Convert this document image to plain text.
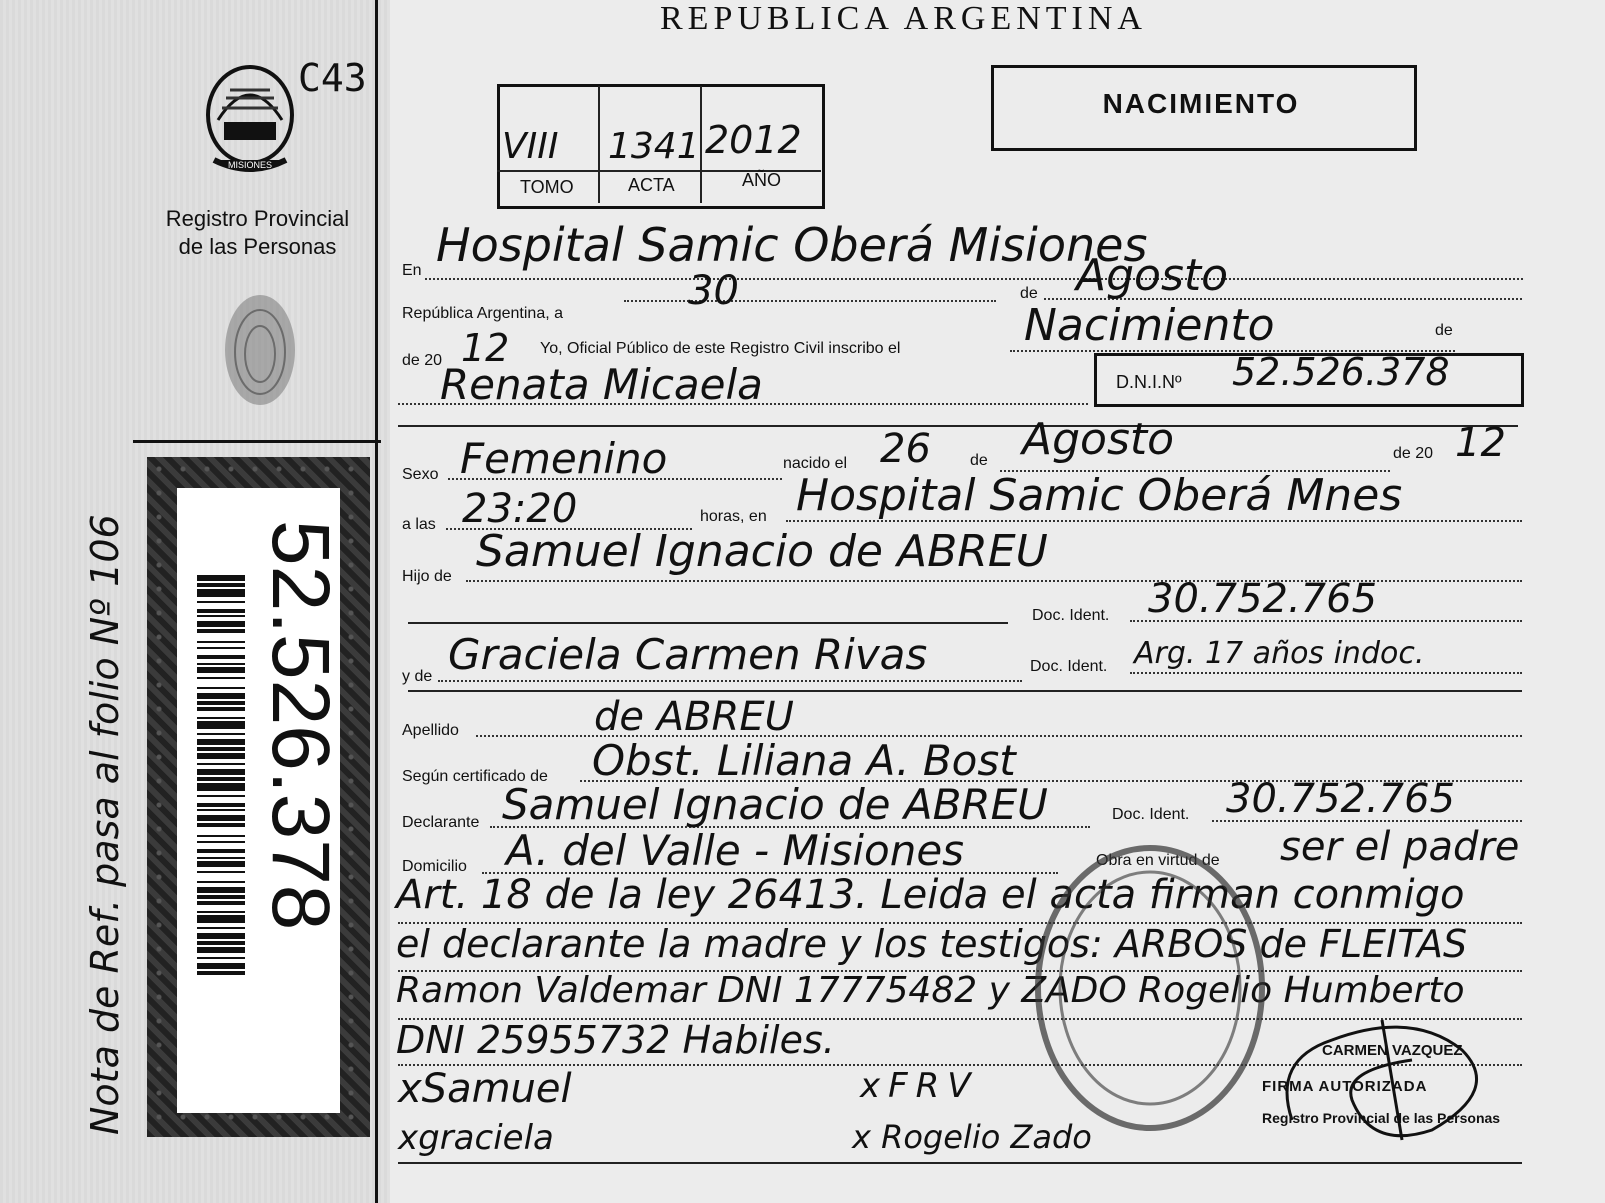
MISIONES
C43
Registro Provincial
de las Personas
Nota de Ref. pasa al folio Nº 106 52.526.378
REPUBLICA ARGENTINA
NACIMIENTO
VIII 1341 2012
TOMO	ACTA	AÑO
En Hospital Samic Oberá Misiones
República Argentina, a	30	de Agosto
de 20 12 Yo, Oficial Público de este Registro Civil inscribo el	Nacimiento	de
Renata Micaela	D.N.I.Nº 52.526.378
Sexo Femenino	nacido el 26 de Agosto	de 20 12
a las 23:20	horas, en Hospital Samic Oberá Mnes
Hijo de Samuel Ignacio de ABREU
Doc. Ident. 30.752.765
y de Graciela Carmen Rivas	Doc. Ident. Arg. 17 años indoc.
Apellido	de ABREU
Según certificado de Obst. Liliana A. Bost
Declarante Samuel Ignacio de ABREU	Doc. Ident. 30.752.765
Domicilio A. del Valle - Misiones	Obra en virtud de ser el padre
Art. 18 de la ley 26413. Leida el acta firman conmigo
el declarante la madre y los testigos: ARBOS de FLEITAS
Ramon Valdemar DNI 17775482 y ZADO Rogelio Humberto
DNI 25955732 Habiles.
xSamuel	xFRV
xgraciela	x Rogelio Zado
CARMEN VAZQUEZ
FIRMA AUTORIZADA
Registro Provincial de las Personas
